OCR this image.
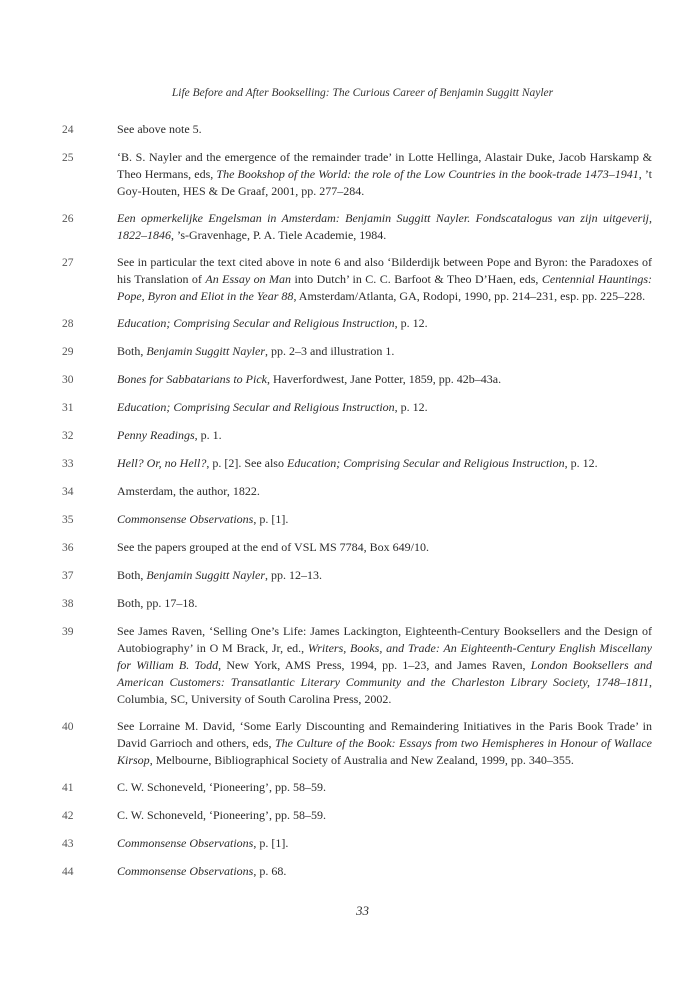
Life Before and After Bookselling: The Curious Career of Benjamin Suggitt Nayler
24	See above note 5.
25	‘B. S. Nayler and the emergence of the remainder trade’ in Lotte Hellinga, Alastair Duke, Jacob Harskamp & Theo Hermans, eds, The Bookshop of the World: the role of the Low Countries in the book-trade 1473–1941, ’t Goy-Houten, HES & De Graaf, 2001, pp. 277–284.
26	Een opmerkelijke Engelsman in Amsterdam: Benjamin Suggitt Nayler. Fondscatalogus van zijn uitgeverij, 1822–1846, ’s-Gravenhage, P. A. Tiele Academie, 1984.
27	See in particular the text cited above in note 6 and also ‘Bilderdijk between Pope and Byron: the Paradoxes of his Translation of An Essay on Man into Dutch’ in C. C. Barfoot & Theo D’Haen, eds, Centennial Hauntings: Pope, Byron and Eliot in the Year 88, Amsterdam/Atlanta, GA, Rodopi, 1990, pp. 214–231, esp. pp. 225–228.
28	Education; Comprising Secular and Religious Instruction, p. 12.
29	Both, Benjamin Suggitt Nayler, pp. 2–3 and illustration 1.
30	Bones for Sabbatarians to Pick, Haverfordwest, Jane Potter, 1859, pp. 42b–43a.
31	Education; Comprising Secular and Religious Instruction, p. 12.
32	Penny Readings, p. 1.
33	Hell? Or, no Hell?, p. [2]. See also Education; Comprising Secular and Religious Instruction, p. 12.
34	Amsterdam, the author, 1822.
35	Commonsense Observations, p. [1].
36	See the papers grouped at the end of VSL MS 7784, Box 649/10.
37	Both, Benjamin Suggitt Nayler, pp. 12–13.
38	Both, pp. 17–18.
39	See James Raven, ‘Selling One’s Life: James Lackington, Eighteenth-Century Booksellers and the Design of Autobiography’ in O M Brack, Jr, ed., Writers, Books, and Trade: An Eighteenth-Century English Miscellany for William B. Todd, New York, AMS Press, 1994, pp. 1–23, and James Raven, London Booksellers and American Customers: Transatlantic Literary Community and the Charleston Library Society, 1748–1811, Columbia, SC, University of South Carolina Press, 2002.
40	See Lorraine M. David, ‘Some Early Discounting and Remaindering Initiatives in the Paris Book Trade’ in David Garrioch and others, eds, The Culture of the Book: Essays from two Hemispheres in Honour of Wallace Kirsop, Melbourne, Bibliographical Society of Australia and New Zealand, 1999, pp. 340–355.
41	C. W. Schoneveld, ‘Pioneering’, pp. 58–59.
42	C. W. Schoneveld, ‘Pioneering’, pp. 58–59.
43	Commonsense Observations, p. [1].
44	Commonsense Observations, p. 68.
33
